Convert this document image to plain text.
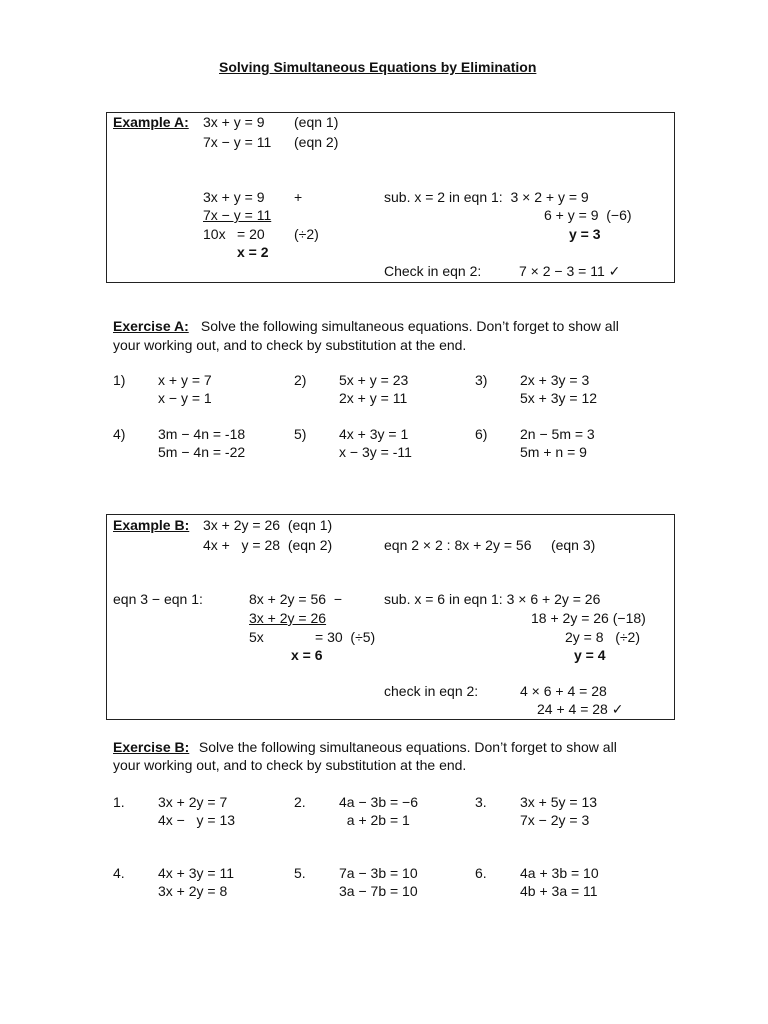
Solving Simultaneous Equations by Elimination
Example A: 3x + y = 9 (eqn 1)
7x − y = 11 (eqn 2)
3x + y = 9 +
7x − y = 11
10x = 20 (÷2)
x = 2
sub. x = 2 in eqn 1:  3 × 2 + y = 9
6 + y = 9  (−6)
y = 3
Check in eqn 2:	7 × 2 − 3 = 11 ✓
Exercise A: Solve the following simultaneous equations. Don’t forget to show all
your working out, and to check by substitution at the end.
1) x + y = 7
x − y = 1
2) 5x + y = 23
2x + y = 11
3) 2x + 3y = 3
5x + 3y = 12
4) 3m − 4n = -18
5m − 4n = -22
5) 4x + 3y = 1
x − 3y = -11
6) 2n − 5m = 3
5m + n = 9
Example B: 3x + 2y = 26  (eqn 1)
4x +   y = 28  (eqn 2)	eqn 2 × 2 : 8x + 2y = 56     (eqn 3)
eqn 3 − eqn 1:	8x + 2y = 56  −
3x + 2y = 26
5x	= 30  (÷5)
x = 6
sub. x = 6 in eqn 1: 3 × 6 + 2y = 26
18 + 2y = 26 (−18)
2y = 8   (÷2)
y = 4
check in eqn 2:	4 × 6 + 4 = 28
24 + 4 = 28 ✓
Exercise B: Solve the following simultaneous equations. Don’t forget to show all
your working out, and to check by substitution at the end.
1. 3x + 2y = 7
4x −   y = 13
2. 4a − 3b = −6
a + 2b = 1
3. 3x + 5y = 13
7x − 2y = 3
4. 4x + 3y = 11
3x + 2y = 8
5. 7a − 3b = 10
3a − 7b = 10
6. 4a + 3b = 10
4b + 3a = 11
